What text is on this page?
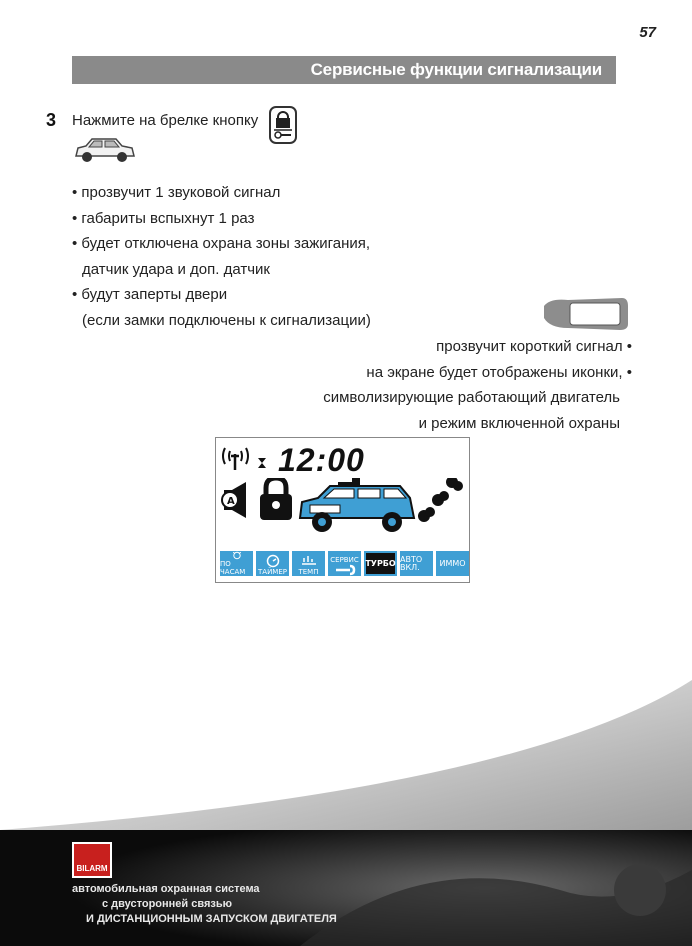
57
Сервисные функции сигнализации
3 Нажмите на брелке кнопку
• прозвучит 1 звуковой сигнал
• габариты вспыхнут 1 раз
• будет отключена охрана зоны зажигания,
датчик удара и доп. датчик
• будут заперты двери
(если замки подключены к сигнализации)
прозвучит короткий сигнал •
на экране будет отображены иконки, •
символизирующие работающий двигатель
и режим включенной охраны
12:00
A
ПО ЧАСАМ	ТАЙМЕР ТЕМП
СЕРВИС ТУРБО АВТО ВКЛ.	ИММО
BILARM
автомобильная охранная система
с двусторонней связью
И ДИСТАНЦИОННЫМ ЗАПУСКОМ ДВИГАТЕЛЯ
